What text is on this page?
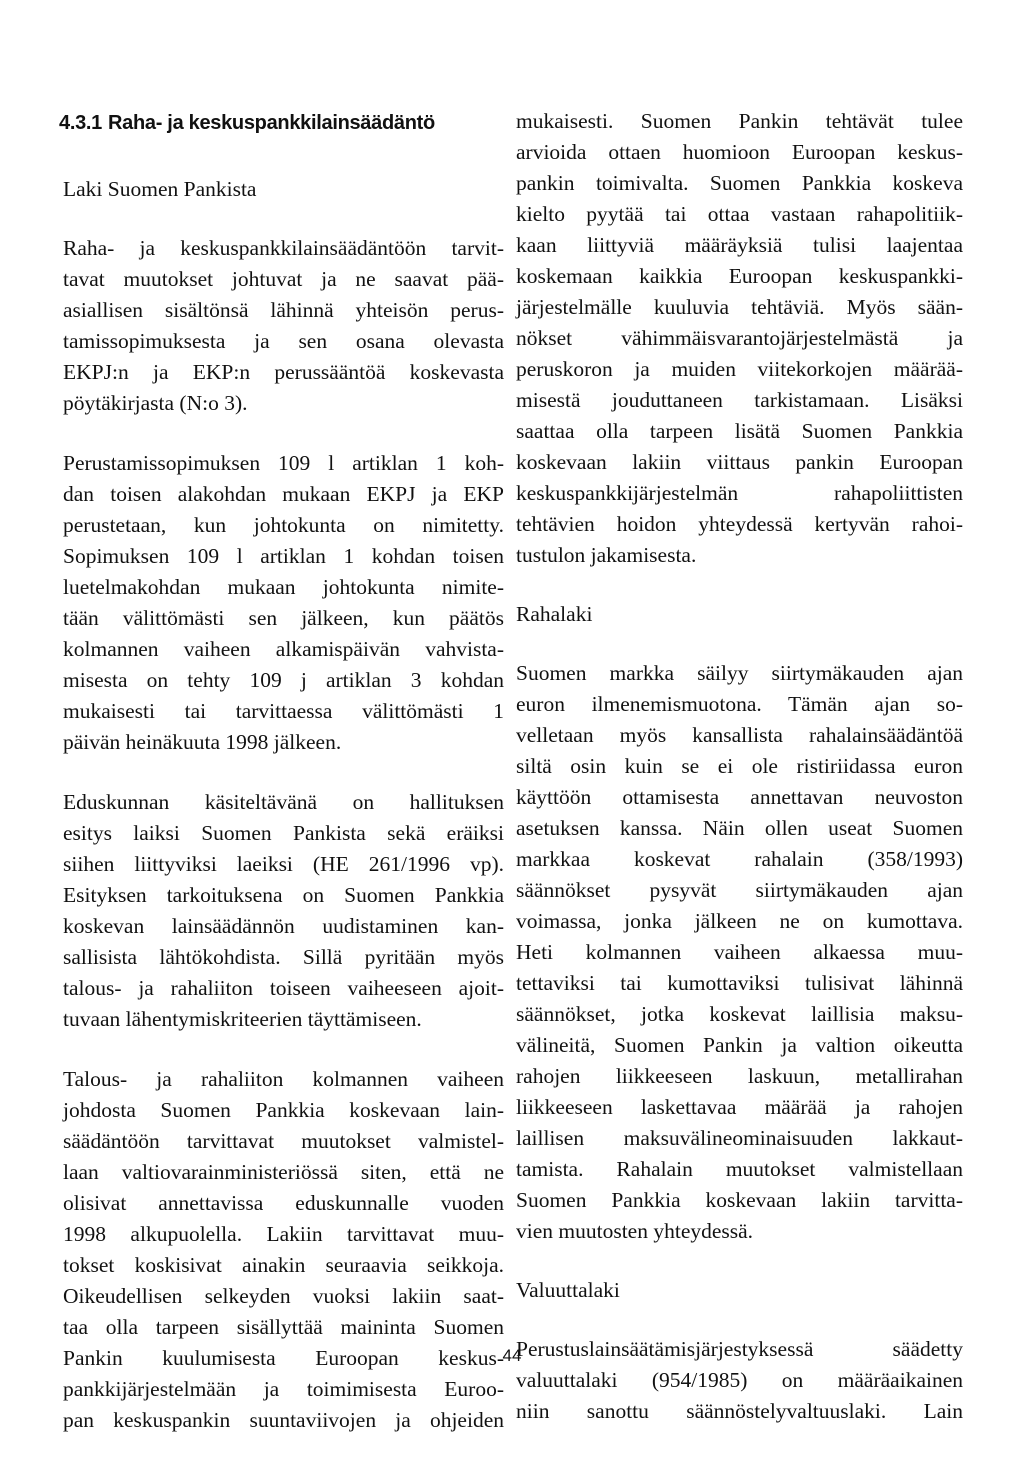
4.3.1 Raha- ja keskuspankkilainsäädäntö
Laki Suomen Pankista
Raha- ja keskuspankkilainsäädäntöön tarvit-
tavat muutokset johtuvat ja ne saavat pää-
asiallisen sisältönsä lähinnä yhteisön perus-
tamissopimuksesta ja sen osana olevasta
EKPJ:n ja EKP:n perussääntöä koskevasta
pöytäkirjasta (N:o 3).
Perustamissopimuksen 109 l artiklan 1 koh-
dan toisen alakohdan mukaan EKPJ ja EKP
perustetaan, kun johtokunta on nimitetty.
Sopimuksen 109 l artiklan 1 kohdan toisen
luetelmakohdan mukaan johtokunta nimite-
tään välittömästi sen jälkeen, kun päätös
kolmannen vaiheen alkamispäivän vahvista-
misesta on tehty 109 j artiklan 3 kohdan
mukaisesti tai tarvittaessa välittömästi 1
päivän heinäkuuta 1998 jälkeen.
Eduskunnan käsiteltävänä on hallituksen
esitys laiksi Suomen Pankista sekä eräiksi
siihen liittyviksi laeiksi (HE 261/1996 vp).
Esityksen tarkoituksena on Suomen Pankkia
koskevan lainsäädännön uudistaminen kan-
sallisista lähtökohdista. Sillä pyritään myös
talous- ja rahaliiton toiseen vaiheeseen ajoit-
tuvaan lähentymiskriteerien täyttämiseen.
Talous- ja rahaliiton kolmannen vaiheen
johdosta Suomen Pankkia koskevaan lain-
säädäntöön tarvittavat muutokset valmistel-
laan valtiovarainministeriössä siten, että ne
olisivat annettavissa eduskunnalle vuoden
1998 alkupuolella. Lakiin tarvittavat muu-
tokset koskisivat ainakin seuraavia seikkoja.
Oikeudellisen selkeyden vuoksi lakiin saat-
taa olla tarpeen sisällyttää maininta Suomen
Pankin kuulumisesta Euroopan keskus-
pankkijärjestelmään ja toimimisesta Euroo-
pan keskuspankin suuntaviivojen ja ohjeiden
mukaisesti. Suomen Pankin tehtävät tulee
arvioida ottaen huomioon Euroopan keskus-
pankin toimivalta. Suomen Pankkia koskeva
kielto pyytää tai ottaa vastaan rahapolitiik-
kaan liittyviä määräyksiä tulisi laajentaa
koskemaan kaikkia Euroopan keskuspankki-
järjestelmälle kuuluvia tehtäviä. Myös sään-
nökset vähimmäisvarantojärjestelmästä ja
peruskoron ja muiden viitekorkojen määrää-
misestä jouduttaneen tarkistamaan. Lisäksi
saattaa olla tarpeen lisätä Suomen Pankkia
koskevaan lakiin viittaus pankin Euroopan
keskuspankkijärjestelmän rahapoliittisten
tehtävien hoidon yhteydessä kertyvän rahoi-
tustulon jakamisesta.
Rahalaki
Suomen markka säilyy siirtymäkauden ajan
euron ilmenemismuotona. Tämän ajan so-
velletaan myös kansallista rahalainsäädäntöä
siltä osin kuin se ei ole ristiriidassa euron
käyttöön ottamisesta annettavan neuvoston
asetuksen kanssa. Näin ollen useat Suomen
markkaa koskevat rahalain (358/1993)
säännökset pysyvät siirtymäkauden ajan
voimassa, jonka jälkeen ne on kumottava.
Heti kolmannen vaiheen alkaessa muu-
tettaviksi tai kumottaviksi tulisivat lähinnä
säännökset, jotka koskevat laillisia maksu-
välineitä, Suomen Pankin ja valtion oikeutta
rahojen liikkeeseen laskuun, metallirahan
liikkeeseen laskettavaa määrää ja rahojen
laillisen maksuvälineominaisuuden lakkaut-
tamista. Rahalain muutokset valmistellaan
Suomen Pankkia koskevaan lakiin tarvitta-
vien muutosten yhteydessä.
Valuuttalaki
Perustuslainsäätämisjärjestyksessä säädetty
valuuttalaki (954/1985) on määräaikainen
niin sanottu säännöstelyvaltuuslaki. Lain
44
